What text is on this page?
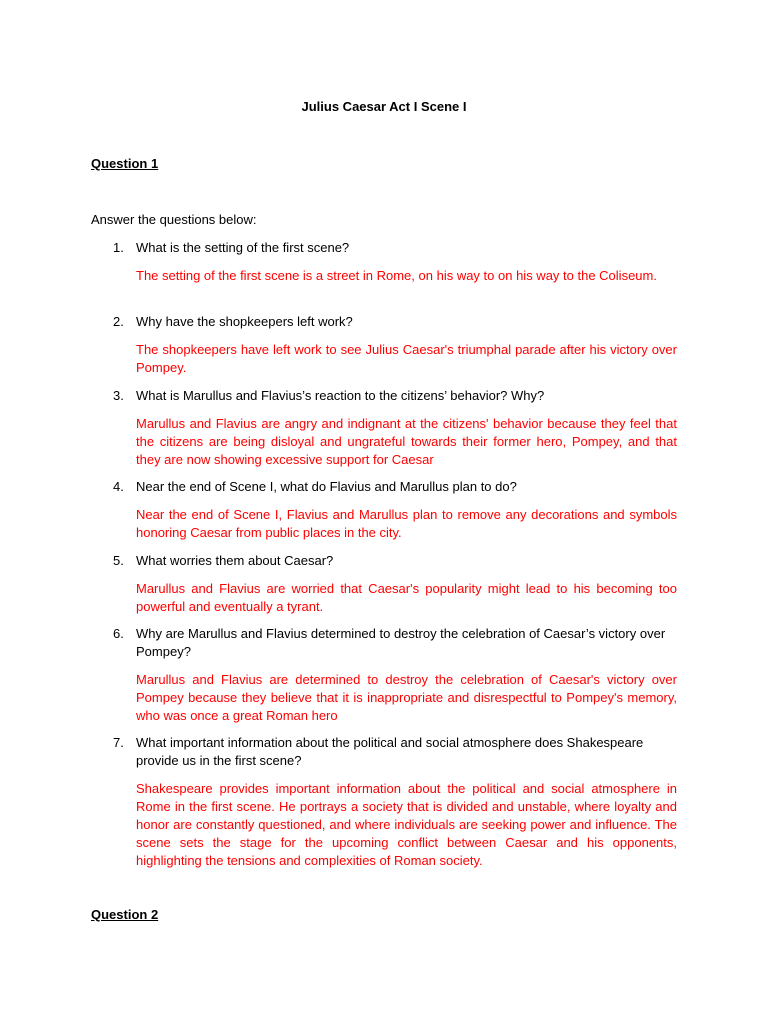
Julius Caesar Act I Scene I
Question 1
Answer the questions below:
1. What is the setting of the first scene?
The setting of the first scene is a street in Rome, on his way to on his way to the Coliseum.
2. Why have the shopkeepers left work?
The shopkeepers have left work to see Julius Caesar's triumphal parade after his victory over Pompey.
3. What is Marullus and Flavius’s reaction to the citizens’ behavior? Why?
Marullus and Flavius are angry and indignant at the citizens' behavior because they feel that the citizens are being disloyal and ungrateful towards their former hero, Pompey, and that they are now showing excessive support for Caesar
4. Near the end of Scene I, what do Flavius and Marullus plan to do?
Near the end of Scene I, Flavius and Marullus plan to remove any decorations and symbols honoring Caesar from public places in the city.
5. What worries them about Caesar?
Marullus and Flavius are worried that Caesar's popularity might lead to his becoming too powerful and eventually a tyrant.
6. Why are Marullus and Flavius determined to destroy the celebration of Caesar’s victory over Pompey?
Marullus and Flavius are determined to destroy the celebration of Caesar's victory over Pompey because they believe that it is inappropriate and disrespectful to Pompey's memory, who was once a great Roman hero
7. What important information about the political and social atmosphere does Shakespeare provide us in the first scene?
Shakespeare provides important information about the political and social atmosphere in Rome in the first scene. He portrays a society that is divided and unstable, where loyalty and honor are constantly questioned, and where individuals are seeking power and influence. The scene sets the stage for the upcoming conflict between Caesar and his opponents, highlighting the tensions and complexities of Roman society.
Question 2
